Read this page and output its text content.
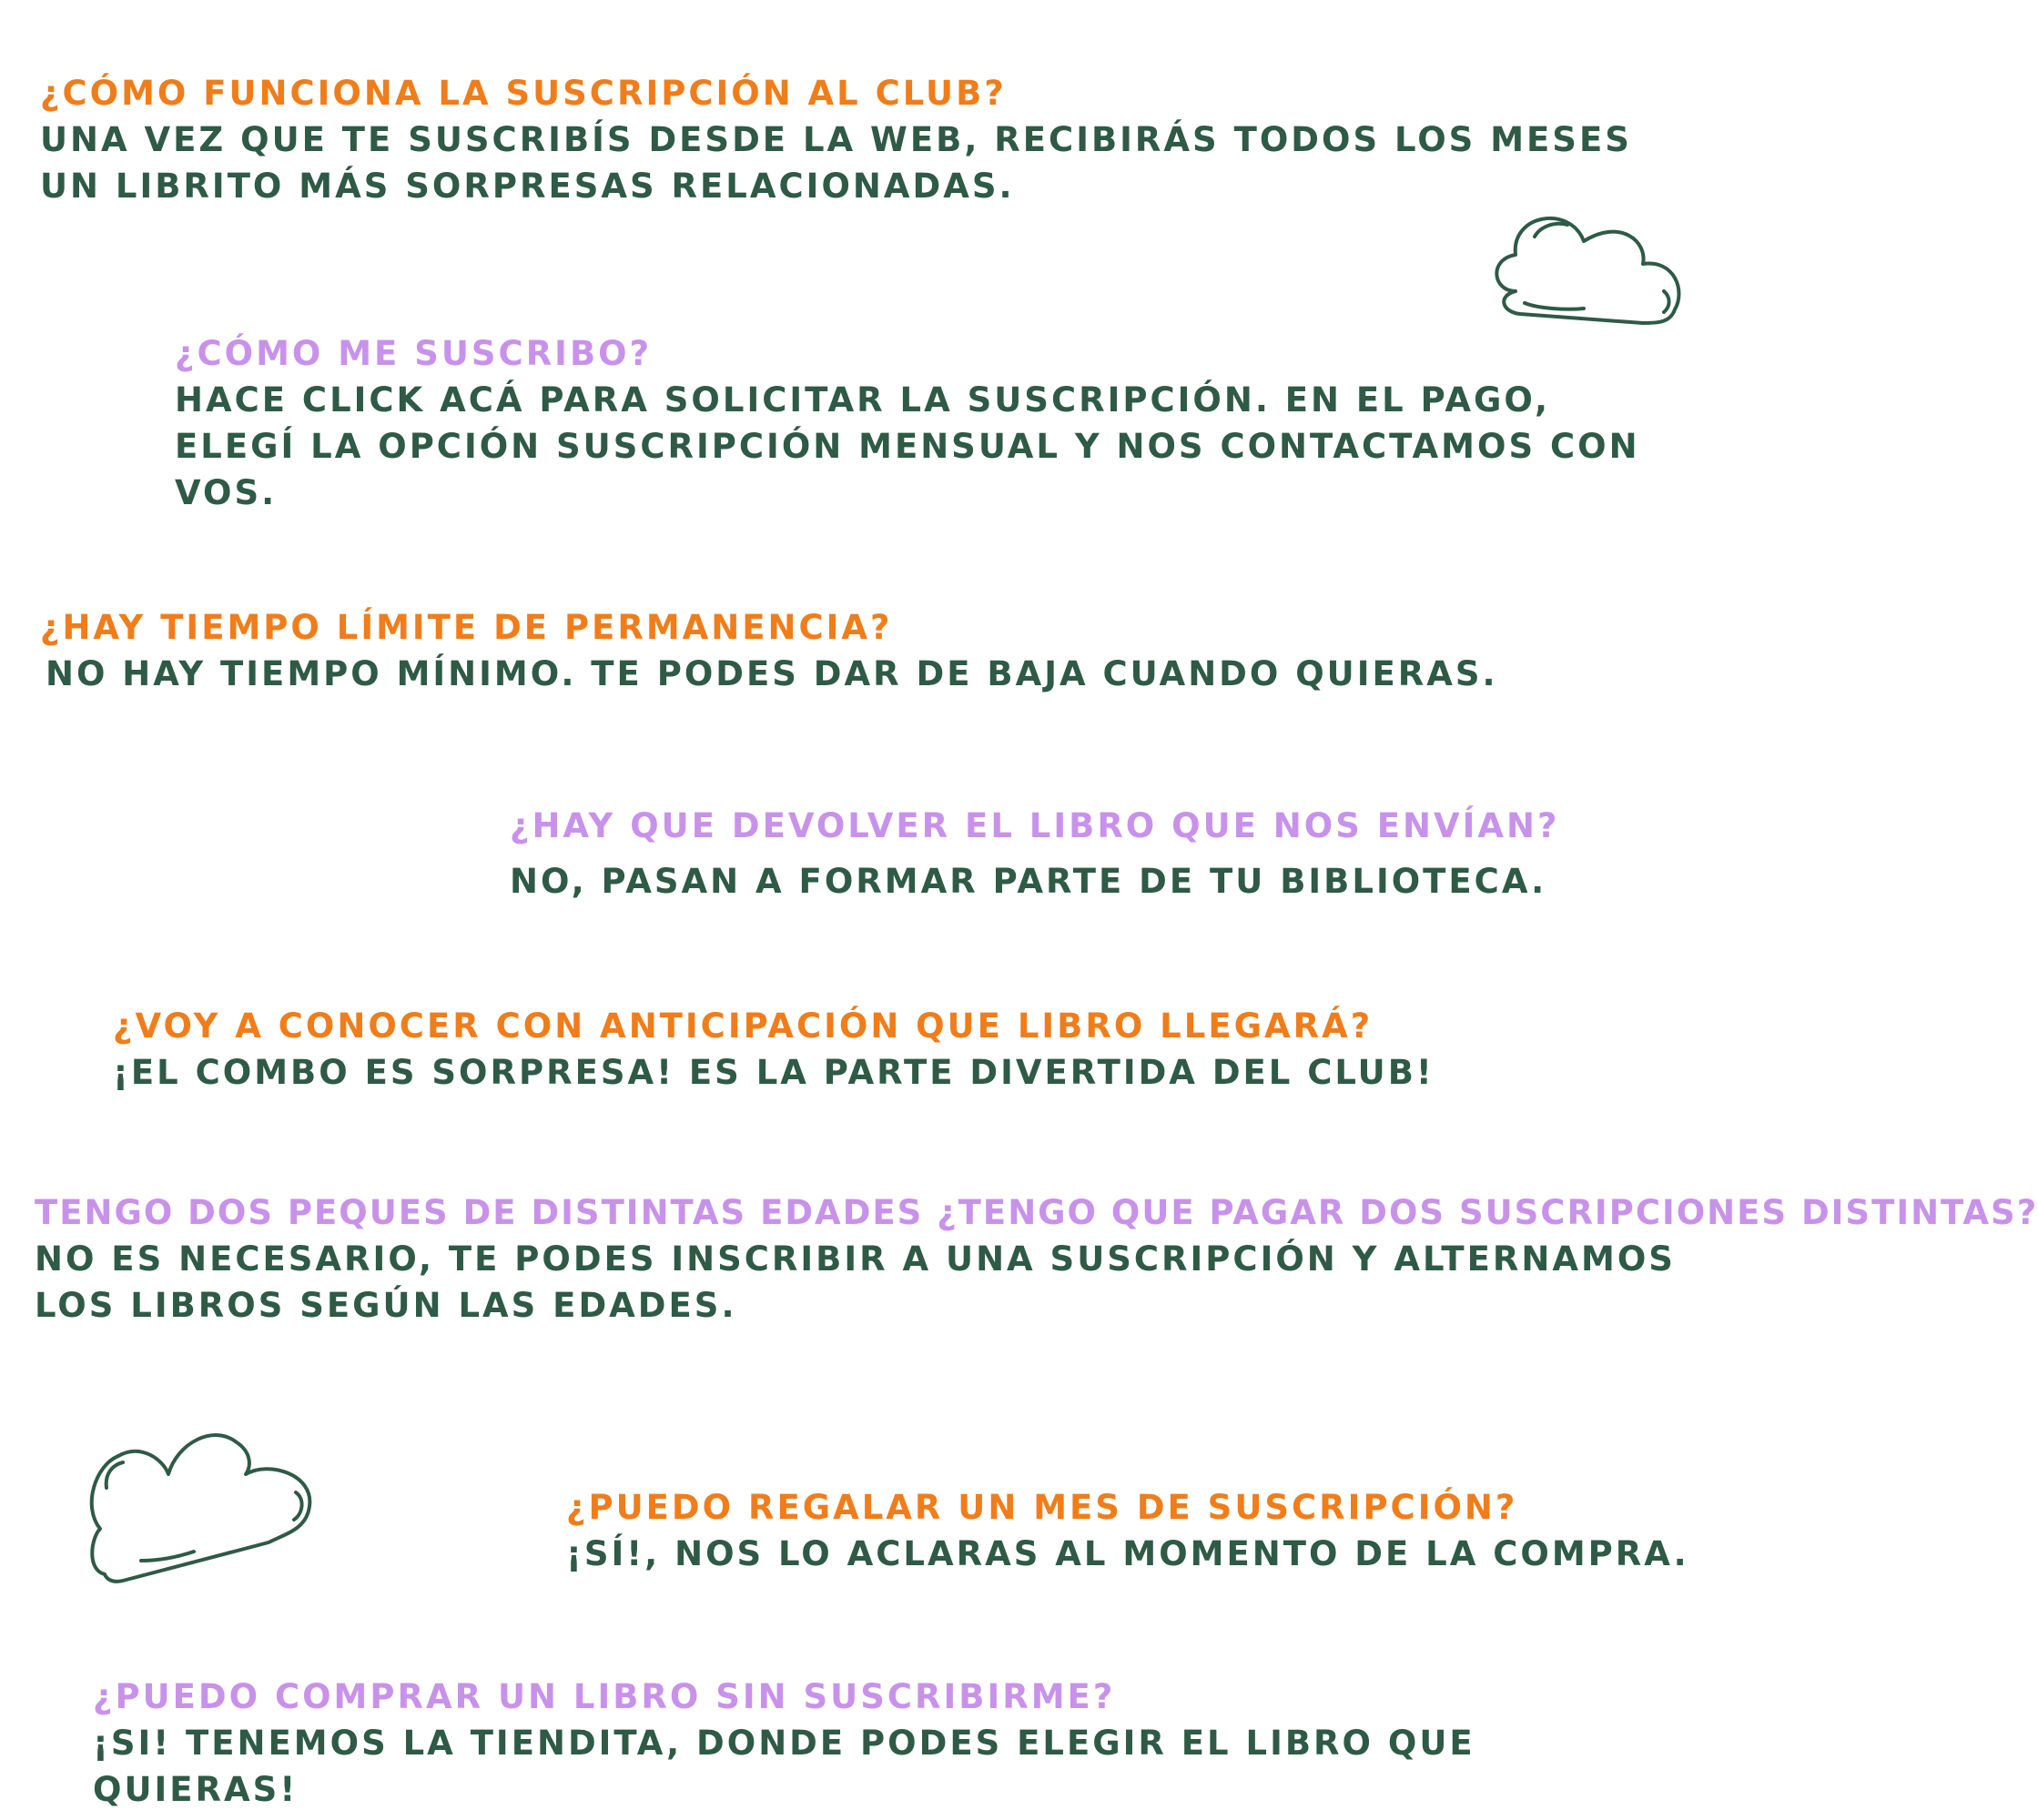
¿CÓMO FUNCIONA LA SUSCRIPCIÓN AL CLUB?
UNA VEZ QUE TE SUSCRIBÍS DESDE LA WEB, RECIBIRÁS TODOS LOS MESES UN LIBRITO MÁS SORPRESAS RELACIONADAS.
¿CÓMO ME SUSCRIBO?
HACE CLICK ACÁ PARA SOLICITAR LA SUSCRIPCIÓN. EN EL PAGO, ELEGÍ LA OPCIÓN SUSCRIPCIÓN MENSUAL Y NOS CONTACTAMOS CON VOS.
¿HAY TIEMPO LÍMITE DE PERMANENCIA?
NO HAY TIEMPO MÍNIMO. TE PODES DAR DE BAJA CUANDO QUIERAS.
¿HAY QUE DEVOLVER EL LIBRO QUE NOS ENVÍAN?
NO, PASAN A FORMAR PARTE DE TU BIBLIOTECA.
¿VOY A CONOCER CON ANTICIPACIÓN QUE LIBRO LLEGARÁ?
¡EL COMBO ES SORPRESA! ES LA PARTE DIVERTIDA DEL CLUB!
TENGO DOS PEQUES DE DISTINTAS EDADES ¿TENGO QUE PAGAR DOS SUSCRIPCIONES DISTINTAS?
NO ES NECESARIO, TE PODES INSCRIBIR A UNA SUSCRIPCIÓN Y ALTERNAMOS LOS LIBROS SEGÚN LAS EDADES.
¿PUEDO REGALAR UN MES DE SUSCRIPCIÓN?
¡SÍ!, NOS LO ACLARAS AL MOMENTO DE LA COMPRA.
¿PUEDO COMPRAR UN LIBRO SIN SUSCRIBIRME?
¡SI! TENEMOS LA TIENDITA, DONDE PODES ELEGIR EL LIBRO QUE QUIERAS!
